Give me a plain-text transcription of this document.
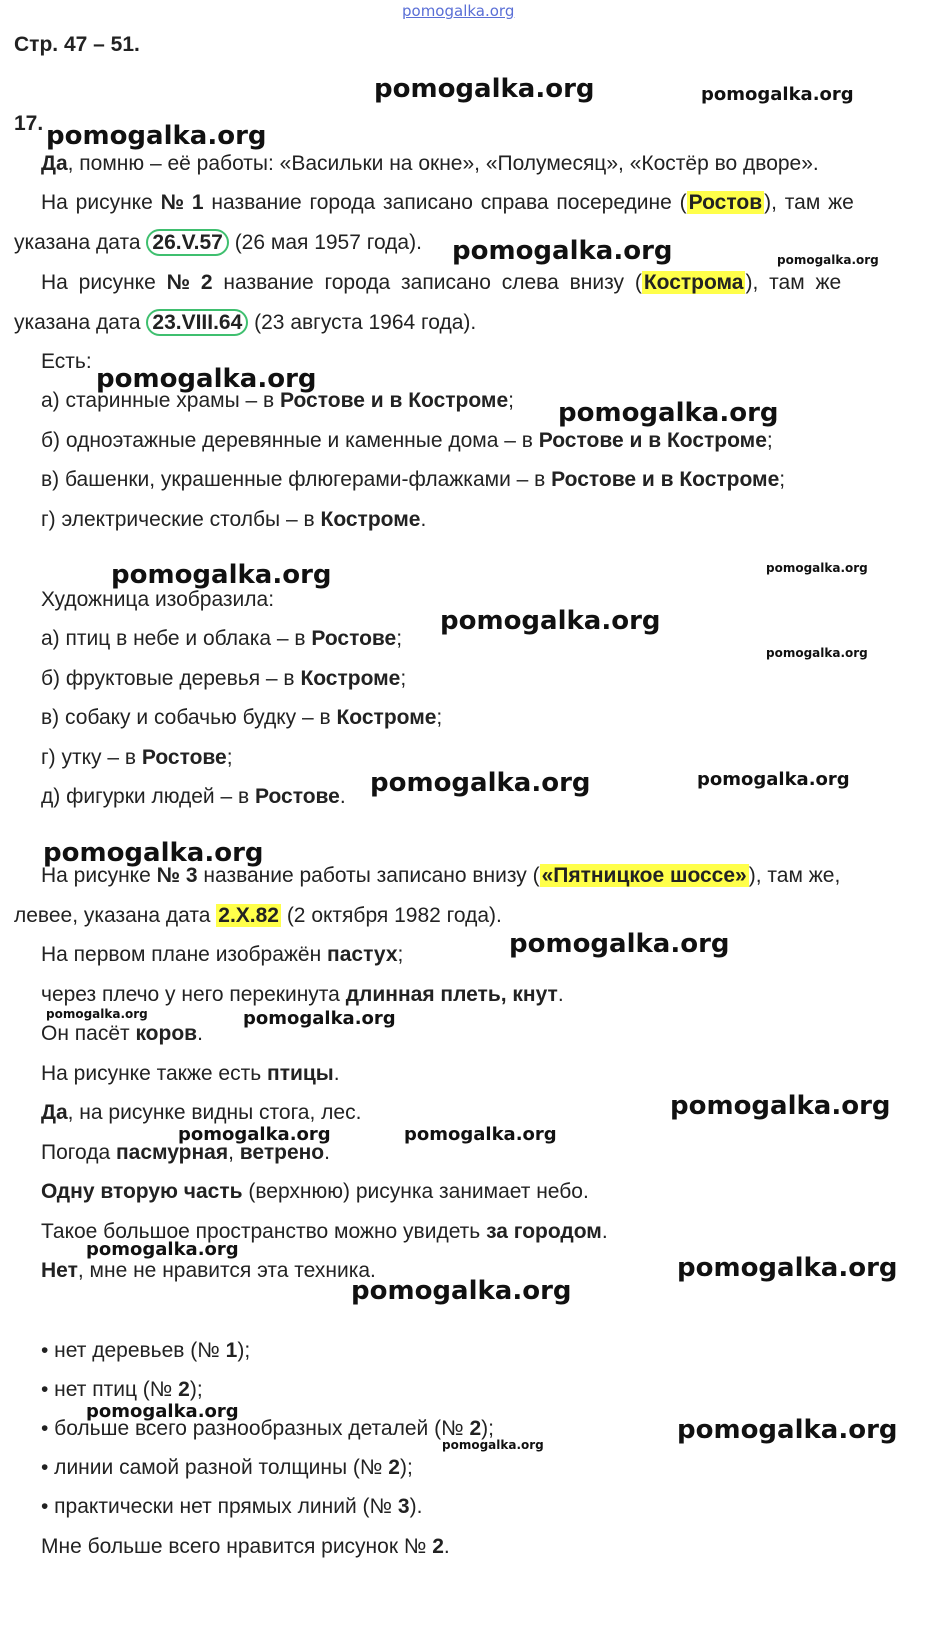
pomogalka.org
Стр. 47 – 51.
17.
Да, помню – её работы: «Васильки на окне», «Полумесяц», «Костёр во дворе».
На рисунке № 1 название города записано справа посередине (Ростов), там же
указана дата 26.V.57 (26 мая 1957 года).
На рисунке № 2 название города записано слева внизу (Кострома), там же
указана дата 23.VIII.64 (23 августа 1964 года).
Есть:
а) старинные храмы – в Ростове и в Костроме;
б) одноэтажные деревянные и каменные дома – в Ростове и в Костроме;
в) башенки, украшенные флюгерами-флажками – в Ростове и в Костроме;
г) электрические столбы – в Костроме.
Художница изобразила:
а) птиц в небе и облака – в Ростове;
б) фруктовые деревья – в Костроме;
в) собаку и собачью будку – в Костроме;
г) утку – в Ростове;
д) фигурки людей – в Ростове.
На рисунке № 3 название работы записано внизу («Пятницкое шоссе»), там же,
левее, указана дата 2.X.82 (2 октября 1982 года).
На первом плане изображён пастух;
через плечо у него перекинута длинная плеть, кнут.
Он пасёт коров.
На рисунке также есть птицы.
Да, на рисунке видны стога, лес.
Погода пасмурная, ветрено.
Одну вторую часть (верхнюю) рисунка занимает небо.
Такое большое пространство можно увидеть за городом.
Нет, мне не нравится эта техника.
• нет деревьев (№ 1);
• нет птиц (№ 2);
• больше всего разнообразных деталей (№ 2);
• линии самой разной толщины (№ 2);
• практически нет прямых линий (№ 3).
Мне больше всего нравится рисунок № 2.
pomogalka.org	pomogalka.org
pomogalka.org
pomogalka.org	pomogalka.org
pomogalka.org
pomogalka.org
pomogalka.org	pomogalka.org
pomogalka.org
pomogalka.org
pomogalka.org	pomogalka.org
pomogalka.org
pomogalka.org
pomogalka.org	pomogalka.org
pomogalka.org
pomogalka.org	pomogalka.org
pomogalka.org
pomogalka.org
pomogalka.org
pomogalka.org
pomogalka.org
pomogalka.org
